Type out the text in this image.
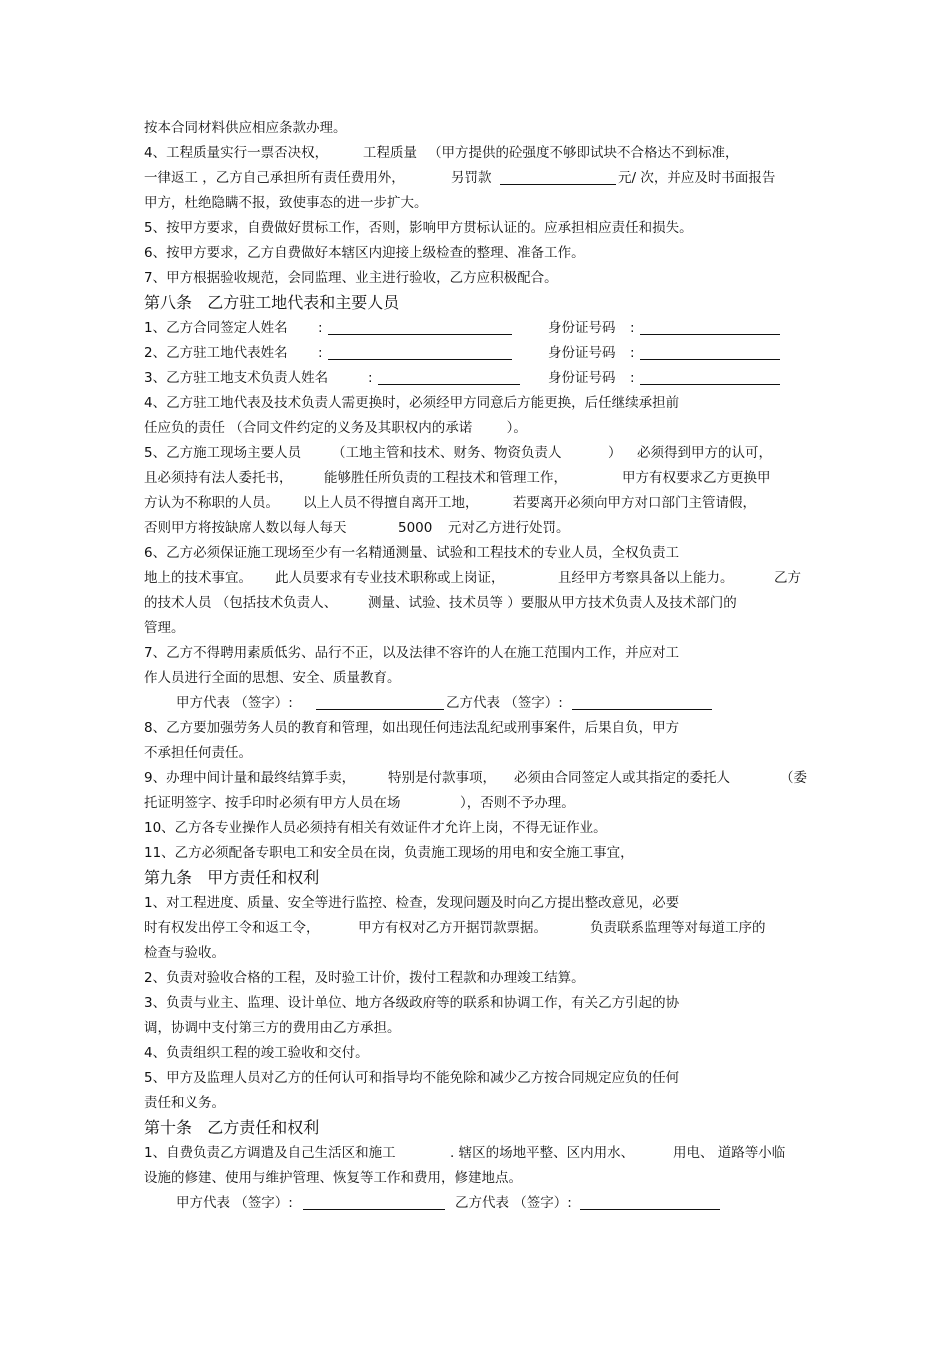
按本合同材料供应相应条款办理。
4、工程质量实行一票否决权，	工程质量 （甲方提供的砼强度不够即试块不合格达不到标准，
一律返工 ，乙方自己承担所有责任费用外，	另罚款	元/ 次，并应及时书面报告
甲方，杜绝隐瞒不报，致使事态的进一步扩大。
5、按甲方要求，自费做好贯标工作，否则，影响甲方贯标认证的。应承担相应责任和损失。
6、按甲方要求，乙方自费做好本辖区内迎接上级检查的整理、准备工作。
7、甲方根据验收规范，会同监理、业主进行验收，乙方应积极配合。
第八条   乙方驻工地代表和主要人员
1、乙方合同签定人姓名 :	身份证号码 :
2、乙方驻工地代表姓名 :	身份证号码 :
3、乙方驻工地支术负责人姓名	:	身份证号码 :
4、乙方驻工地代表及技术负责人需更换时，必须经甲方同意后方能更换，后任继续承担前
任应负的责任 （合同文件约定的义务及其职权内的承诺        ）。
5、乙方施工现场主要人员 （工地主管和技术、财务、物资负责人	） 必须得到甲方的认可，
且必须持有法人委托书， 能够胜任所负责的工程技术和管理工作，	甲方有权要求乙方更换甲
方认为不称职的人员。 以上人员不得擅自离开工地，	若要离开必须向甲方对口部门主管请假，
否则甲方将按缺席人数以每人每天	5000 元对乙方进行处罚。
6、乙方必须保证施工现场至少有一名精通测量、试验和工程技术的专业人员，全权负责工
地上的技术事宜。 此人员要求有专业技术职称或上岗证，	且经甲方考察具备以上能力。	乙方
的技术人员 （包括技术负责人、 测量、试验、技术员等 ）要服从甲方技术负责人及技术部门的
管理。
7、乙方不得聘用素质低劣、品行不正，以及法律不容许的人在施工范围内工作，并应对工
作人员进行全面的思想、安全、质量教育。
甲方代表 （签字）:	乙方代表 （签字）:
8、乙方要加强劳务人员的教育和管理，如出现任何违法乱纪或刑事案件，后果自负，甲方
不承担任何责任。
9、办理中间计量和最终结算手卖， 特别是付款事项， 必须由合同签定人或其指定的委托人	（委
托证明签字、按手印时必须有甲方人员在场	），否则不予办理。
10、乙方各专业操作人员必须持有相关有效证件才允许上岗，不得无证作业。
11、乙方必须配备专职电工和安全员在岗，负责施工现场的用电和安全施工事宜，
第九条   甲方责任和权利
1、对工程进度、质量、安全等进行监控、检查，发现问题及时向乙方提出整改意见，必要
时有权发出停工令和返工令，	甲方有权对乙方开据罚款票据。	负责联系监理等对每道工序的
检查与验收。
2、负责对验收合格的工程，及时验工计价，拨付工程款和办理竣工结算。
3、负责与业主、监理、设计单位、地方各级政府等的联系和协调工作，有关乙方引起的协
调，协调中支付第三方的费用由乙方承担。
4、负责组织工程的竣工验收和交付。
5、甲方及监理人员对乙方的任何认可和指导均不能免除和减少乙方按合同规定应负的任何
责任和义务。
第十条   乙方责任和权利
1、自费负责乙方调遣及自己生活区和施工	. 辖区的场地平整、区内用水、	用电、 道路等小临
设施的修建、使用与维护管理、恢复等工作和费用，修建地点。
甲方代表 （签字）:	乙方代表 （签字）:
